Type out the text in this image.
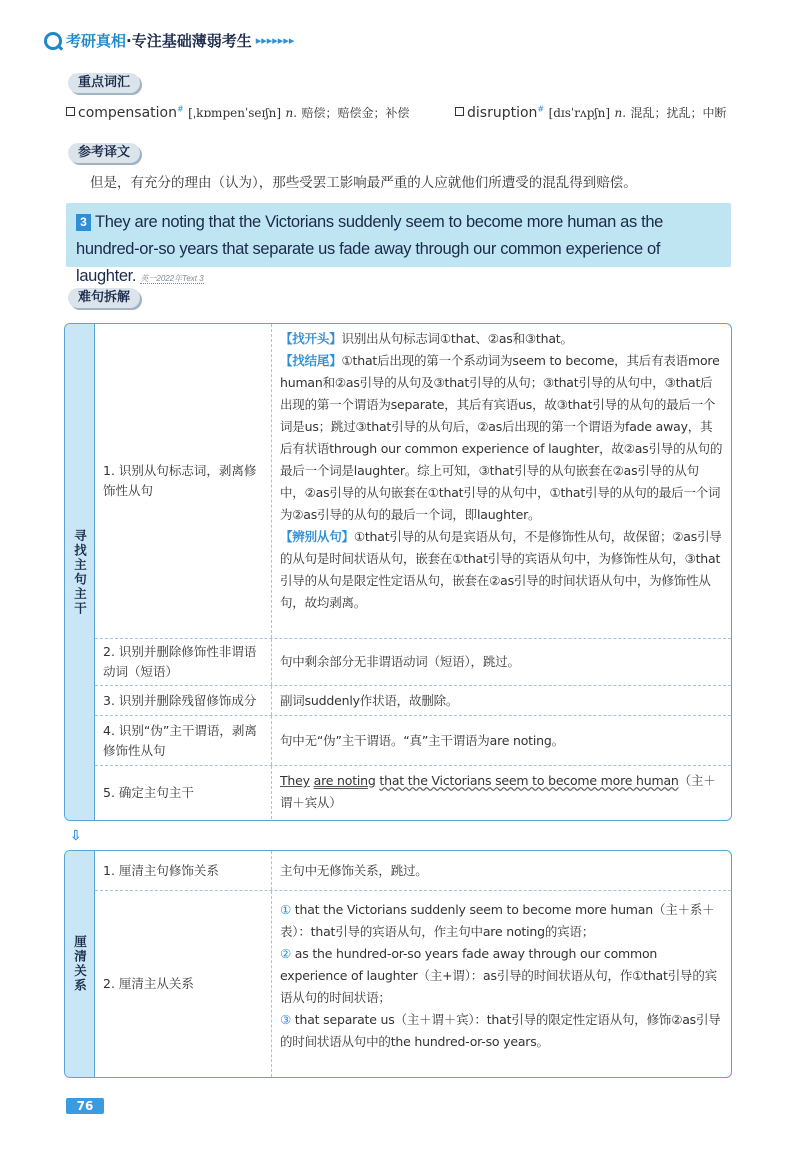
考研真相·专注基础薄弱考生 ▸▸▸▸▸▸▸
重点词汇
compensation# [ˌkɒmpenˈseɪʃn] n. 赔偿；赔偿金；补偿	disruption# [dɪsˈrʌpʃn] n. 混乱；扰乱；中断
参考译文
但是，有充分的理由（认为），那些受罢工影响最严重的人应就他们所遭受的混乱得到赔偿。
3 They are noting that the Victorians suddenly seem to become more human as the hundred-or-so years that separate us fade away through our common experience of laughter. 英一2022年Text 3
难句拆解
寻找主句主干
1. 识别从句标志词，剥离修饰性从句
【找开头】识别出从句标志词①that、②as和③that。
【找结尾】①that后出现的第一个系动词为seem to become，其后有表语more human和②as引导的从句及③that引导的从句；③that引导的从句中，③that后出现的第一个谓语为separate，其后有宾语us，故③that引导的从句的最后一个词是us；跳过③that引导的从句后，②as后出现的第一个谓语为fade away，其后有状语through our common experience of laughter，故②as引导的从句的最后一个词是laughter。综上可知，③that引导的从句嵌套在②as引导的从句中，②as引导的从句嵌套在①that引导的从句中，①that引导的从句的最后一个词为②as引导的从句的最后一个词，即laughter。
【辨别从句】①that引导的从句是宾语从句，不是修饰性从句，故保留；②as引导的从句是时间状语从句，嵌套在①that引导的宾语从句中，为修饰性从句，③that引导的从句是限定性定语从句，嵌套在②as引导的时间状语从句中，为修饰性从句，故均剥离。
2. 识别并删除修饰性非谓语动词（短语）
句中剩余部分无非谓语动词（短语），跳过。
3. 识别并删除残留修饰成分	副词suddenly作状语，故删除。
4. 识别“伪”主干谓语，剥离修饰性从句
句中无“伪”主干谓语。“真”主干谓语为are noting。
5. 确定主句主干
They are noting that the Victorians seem to become more human（主＋谓＋宾从）
⇩
厘清关系
1. 厘清主句修饰关系	主句中无修饰关系，跳过。
2. 厘清主从关系
① that the Victorians suddenly seem to become more human（主＋系＋表）：that引导的宾语从句，作主句中are noting的宾语；
② as the hundred-or-so years fade away through our common experience of laughter（主+谓）：as引导的时间状语从句，作①that引导的宾语从句的时间状语；
③ that separate us（主＋谓＋宾）：that引导的限定性定语从句，修饰②as引导的时间状语从句中的the hundred-or-so years。
76
